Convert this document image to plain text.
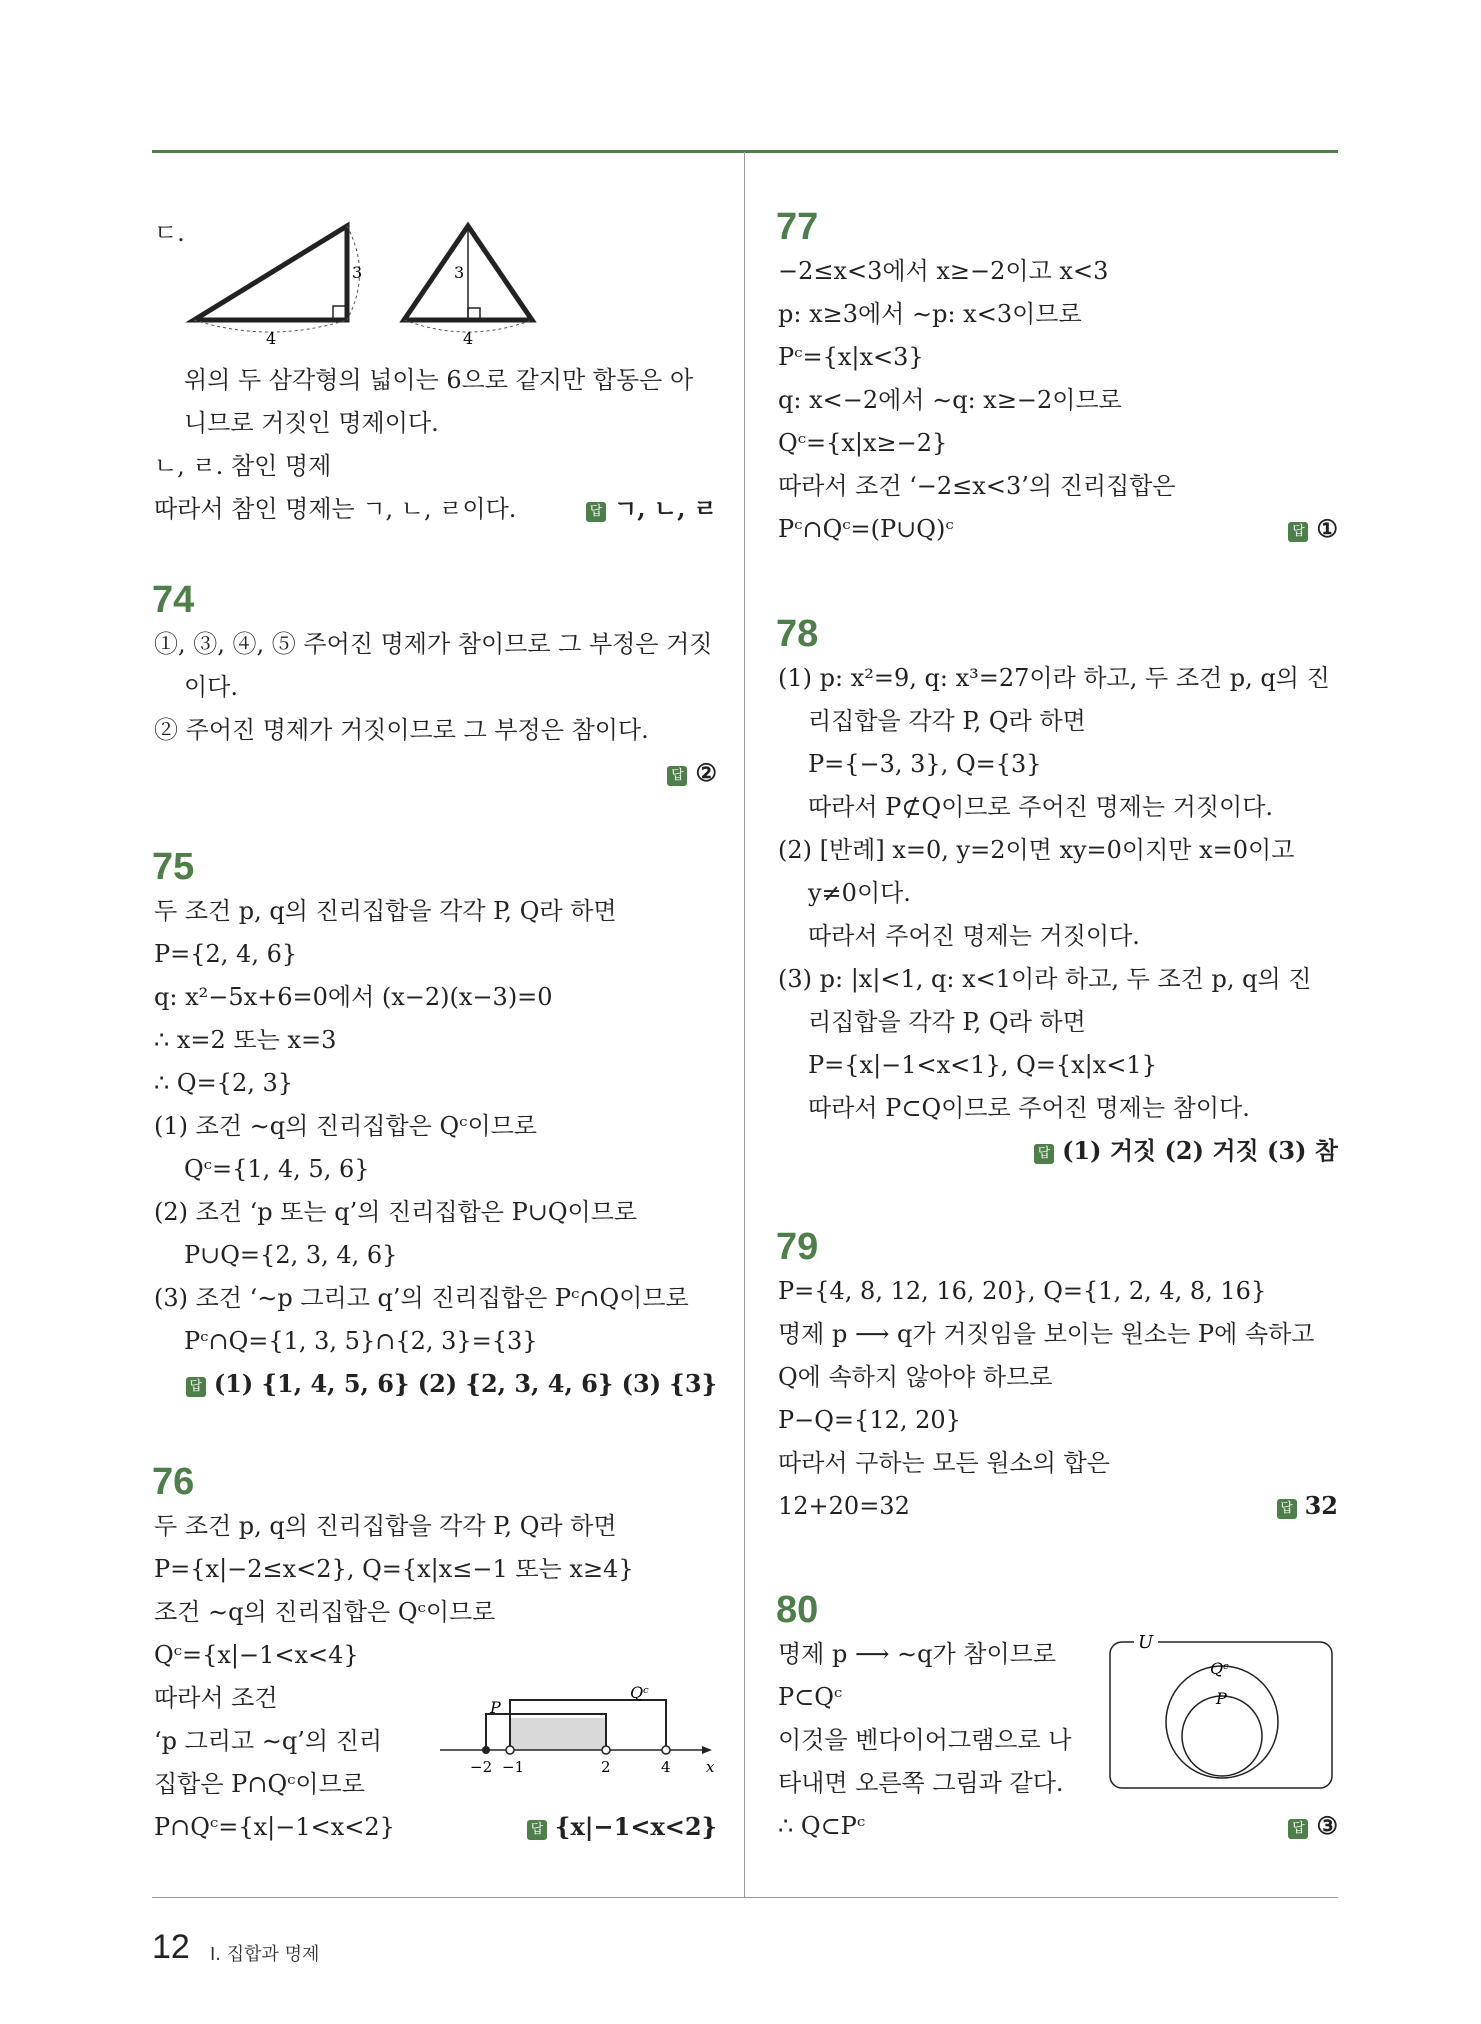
ㄷ.
3
4
3
4
위의 두 삼각형의 넓이는 6으로 같지만 합동은 아
니므로 거짓인 명제이다.
ㄴ, ㄹ. 참인 명제
따라서 참인 명제는 ㄱ, ㄴ, ㄹ이다.	답 ㄱ, ㄴ, ㄹ
74
①, ③, ④, ⑤ 주어진 명제가 참이므로 그 부정은 거짓
이다.
② 주어진 명제가 거짓이므로 그 부정은 참이다.
답 ②
75
두 조건 p, q의 진리집합을 각각 P, Q라 하면
P={2, 4, 6}
q: x²−5x+6=0에서 (x−2)(x−3)=0
∴ x=2 또는 x=3
∴ Q={2, 3}
(1) 조건 ∼q의 진리집합은 Qᶜ이므로
Qᶜ={1, 4, 5, 6}
(2) 조건 ‘p 또는 q’의 진리집합은 P∪Q이므로
P∪Q={2, 3, 4, 6}
(3) 조건 ‘∼p 그리고 q’의 진리집합은 Pᶜ∩Q이므로
Pᶜ∩Q={1, 3, 5}∩{2, 3}={3}
답 (1) {1, 4, 5, 6} (2) {2, 3, 4, 6} (3) {3}
76
두 조건 p, q의 진리집합을 각각 P, Q라 하면
P={x|−2≤x<2}, Q={x|x≤−1 또는 x≥4}
조건 ∼q의 진리집합은 Qᶜ이므로
Qᶜ={x|−1<x<4}
따라서 조건
‘p 그리고 ∼q’의 진리
집합은 P∩Qᶜ이므로
P∩Qᶜ={x|−1<x<2}	답 {x|−1<x<2}
P
Qᶜ
−2 −1	2	4 x
77
−2≤x<3에서 x≥−2이고 x<3
p: x≥3에서 ∼p: x<3이므로
Pᶜ={x|x<3}
q: x<−2에서 ∼q: x≥−2이므로
Qᶜ={x|x≥−2}
따라서 조건 ‘−2≤x<3’의 진리집합은
Pᶜ∩Qᶜ=(P∪Q)ᶜ	답 ①
78
(1) p: x²=9, q: x³=27이라 하고, 두 조건 p, q의 진
리집합을 각각 P, Q라 하면
P={−3, 3}, Q={3}
따라서 P⊄Q이므로 주어진 명제는 거짓이다.
(2) [반례] x=0, y=2이면 xy=0이지만 x=0이고
y≠0이다.
따라서 주어진 명제는 거짓이다.
(3) p: |x|<1, q: x<1이라 하고, 두 조건 p, q의 진
리집합을 각각 P, Q라 하면
P={x|−1<x<1}, Q={x|x<1}
따라서 P⊂Q이므로 주어진 명제는 참이다.
답 (1) 거짓 (2) 거짓 (3) 참
79
P={4, 8, 12, 16, 20}, Q={1, 2, 4, 8, 16}
명제 p ⟶ q가 거짓임을 보이는 원소는 P에 속하고
Q에 속하지 않아야 하므로
P−Q={12, 20}
따라서 구하는 모든 원소의 합은
12+20=32	답 32
80
명제 p ⟶ ∼q가 참이므로
P⊂Qᶜ
이것을 벤다이어그램으로 나
타내면 오른쪽 그림과 같다.
∴ Q⊂Pᶜ	답 ③
U
Qᶜ
P
12 I. 집합과 명제
